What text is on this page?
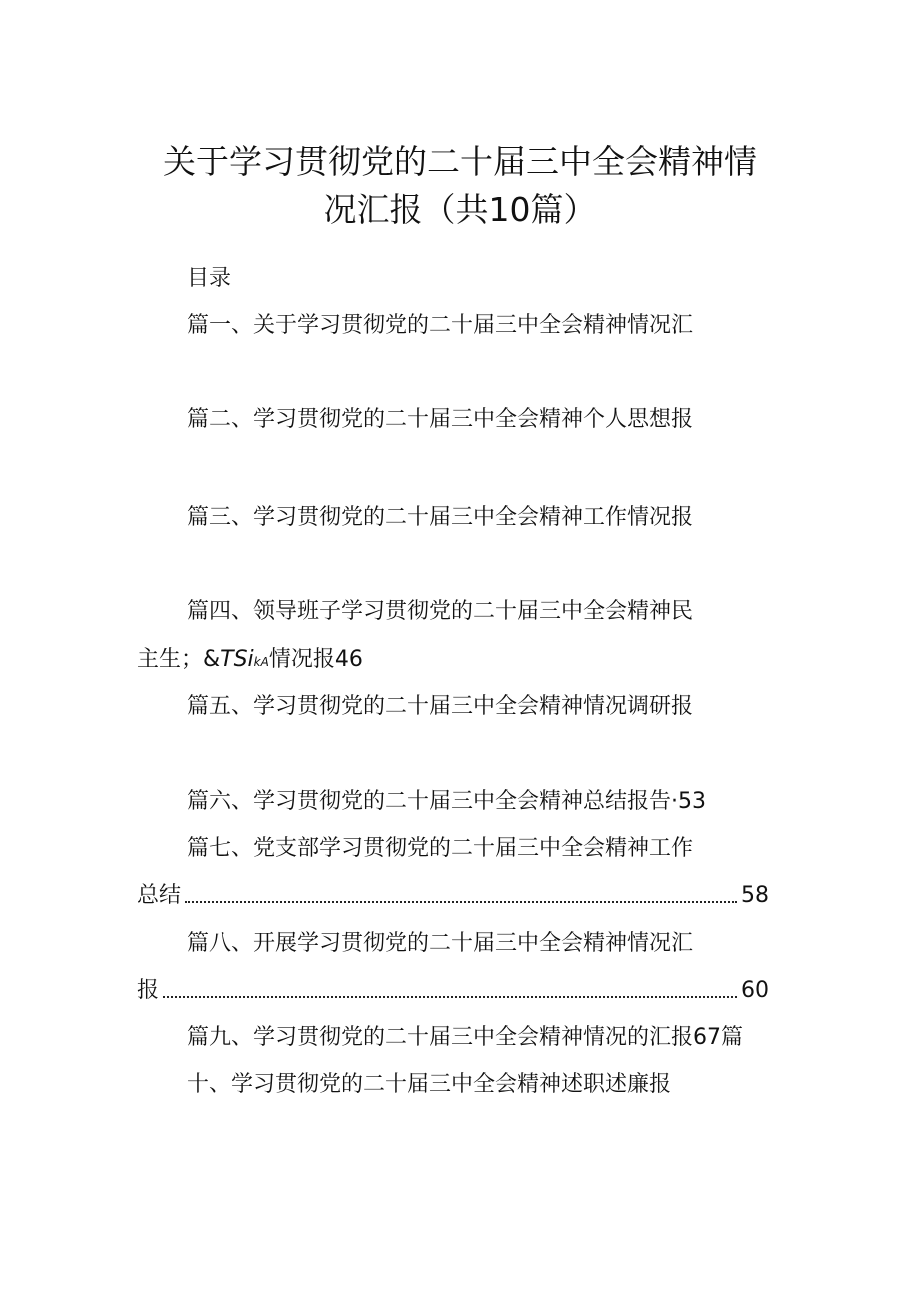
关于学习贯彻党的二十届三中全会精神情
况汇报（共10篇）
目录
篇一、关于学习贯彻党的二十届三中全会精神情况汇
篇二、学习贯彻党的二十届三中全会精神个人思想报
篇三、学习贯彻党的二十届三中全会精神工作情况报
篇四、领导班子学习贯彻党的二十届三中全会精神民
主生；&TSikA情况报46
篇五、学习贯彻党的二十届三中全会精神情况调研报
篇六、学习贯彻党的二十届三中全会精神总结报告·53
篇七、党支部学习贯彻党的二十届三中全会精神工作
总结	58
篇八、开展学习贯彻党的二十届三中全会精神情况汇
报	60
篇九、学习贯彻党的二十届三中全会精神情况的汇报67篇
十、学习贯彻党的二十届三中全会精神述职述廉报
